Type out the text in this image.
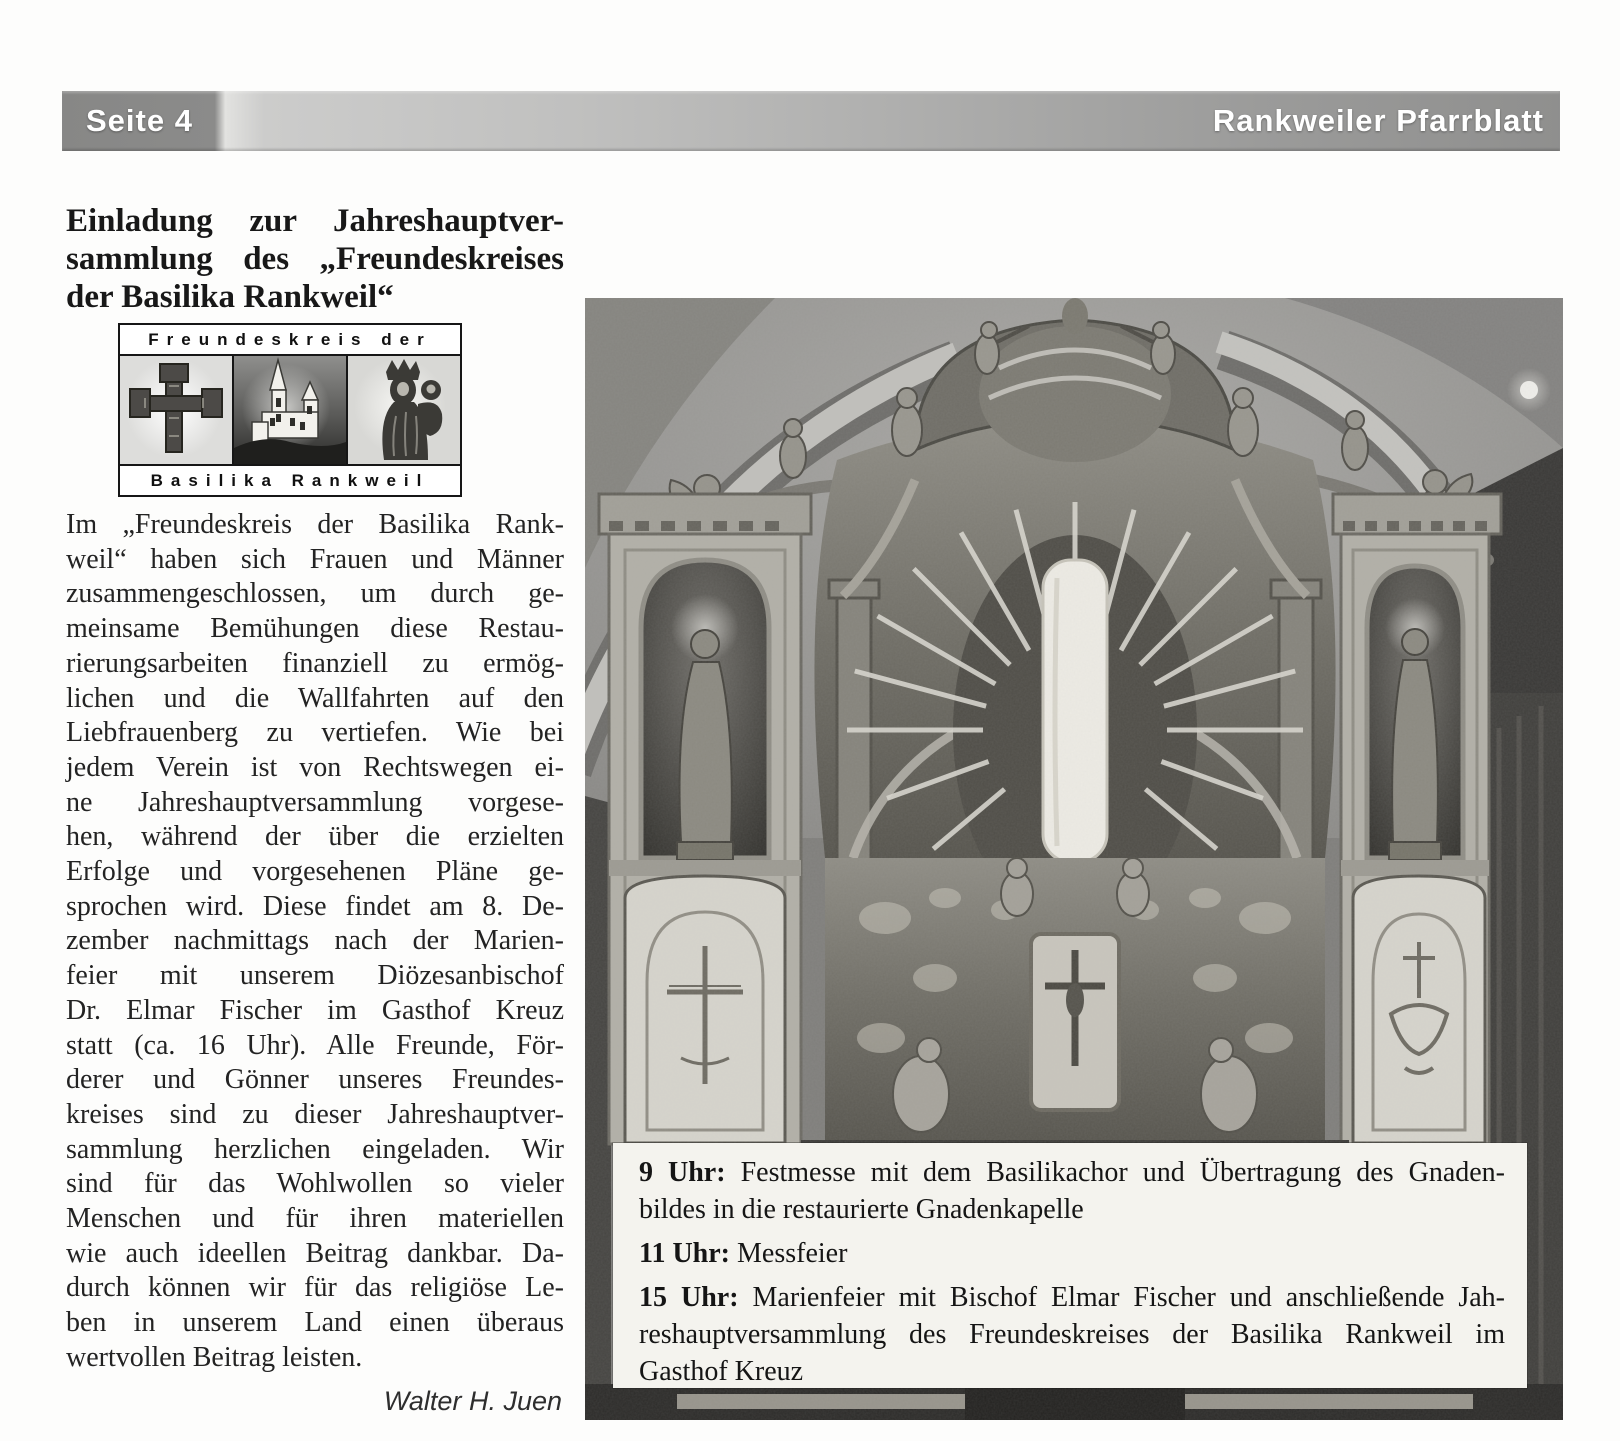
Seite 4	Rankweiler Pfarrblatt
Einladung zur Jahreshauptver-
sammlung des „Freundeskreises
der Basilika Rankweil“
Freundeskreis der
Basilika Rankweil
Im „Freundeskreis der Basilika Rank-
weil“ haben sich Frauen und Männer
zusammengeschlossen, um durch ge-
meinsame Bemühungen diese Restau-
rierungsarbeiten finanziell zu ermög-
lichen und die Wallfahrten auf den
Liebfrauenberg zu vertiefen. Wie bei
jedem Verein ist von Rechtswegen ei-
ne Jahreshauptversammlung vorgese-
hen, während der über die erzielten
Erfolge und vorgesehenen Pläne ge-
sprochen wird. Diese findet am 8. De-
zember nachmittags nach der Marien-
feier mit unserem Diözesanbischof
Dr. Elmar Fischer im Gasthof Kreuz
statt (ca. 16 Uhr). Alle Freunde, För-
derer und Gönner unseres Freundes-
kreises sind zu dieser Jahreshauptver-
sammlung herzlichen eingeladen. Wir
sind für das Wohlwollen so vieler
Menschen und für ihren materiellen
wie auch ideellen Beitrag dankbar. Da-
durch können wir für das religiöse Le-
ben in unserem Land einen überaus
wertvollen Beitrag leisten.
Walter H. Juen
9 Uhr: Festmesse mit dem Basilikachor und Übertragung des Gnaden-
bildes in die restaurierte Gnadenkapelle
11 Uhr: Messfeier
15 Uhr: Marienfeier mit Bischof Elmar Fischer und anschließende Jah-
reshauptversammlung des Freundeskreises der Basilika Rankweil im
Gasthof Kreuz
